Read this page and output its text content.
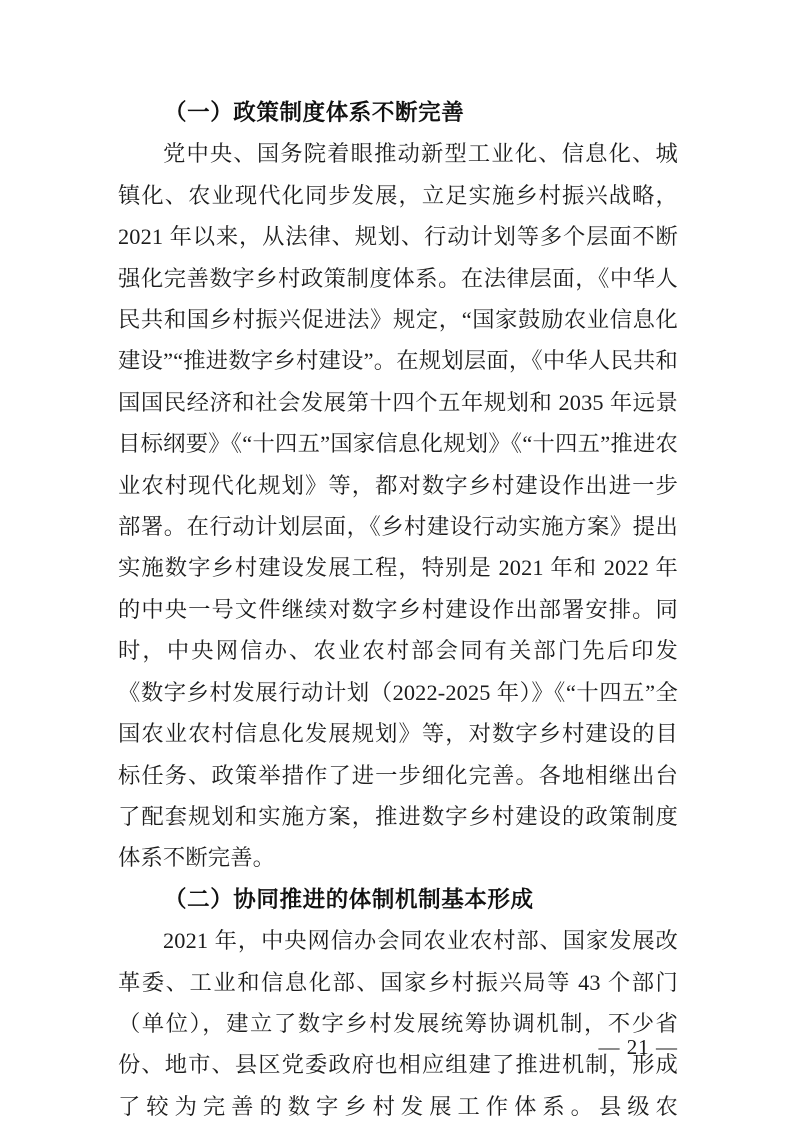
（一）政策制度体系不断完善

党中央、国务院着眼推动新型工业化、信息化、城镇化、农业现代化同步发展，立足实施乡村振兴战略，2021 年以来，从法律、规划、行动计划等多个层面不断强化完善数字乡村政策制度体系。在法律层面，《中华人民共和国乡村振兴促进法》规定，“国家鼓励农业信息化建设”“推进数字乡村建设”。在规划层面，《中华人民共和国国民经济和社会发展第十四个五年规划和 2035 年远景目标纲要》《“十四五”国家信息化规划》《“十四五”推进农业农村现代化规划》等，都对数字乡村建设作出进一步部署。在行动计划层面，《乡村建设行动实施方案》提出实施数字乡村建设发展工程，特别是 2021 年和 2022 年的中央一号文件继续对数字乡村建设作出部署安排。同时，中央网信办、农业农村部会同有关部门先后印发《数字乡村发展行动计划（2022-2025 年）》《“十四五”全国农业农村信息化发展规划》等，对数字乡村建设的目标任务、政策举措作了进一步细化完善。各地相继出台了配套规划和实施方案，推进数字乡村建设的政策制度体系不断完善。

（二）协同推进的体制机制基本形成

2021 年，中央网信办会同农业农村部、国家发展改革委、工业和信息化部、国家乡村振兴局等 43 个部门（单位），建立了数字乡村发展统筹协调机制，不少省份、地市、县区党委政府也相应组建了推进机制，形成了较为完善的数字乡村发展工作体系。县级农

— 21 —
